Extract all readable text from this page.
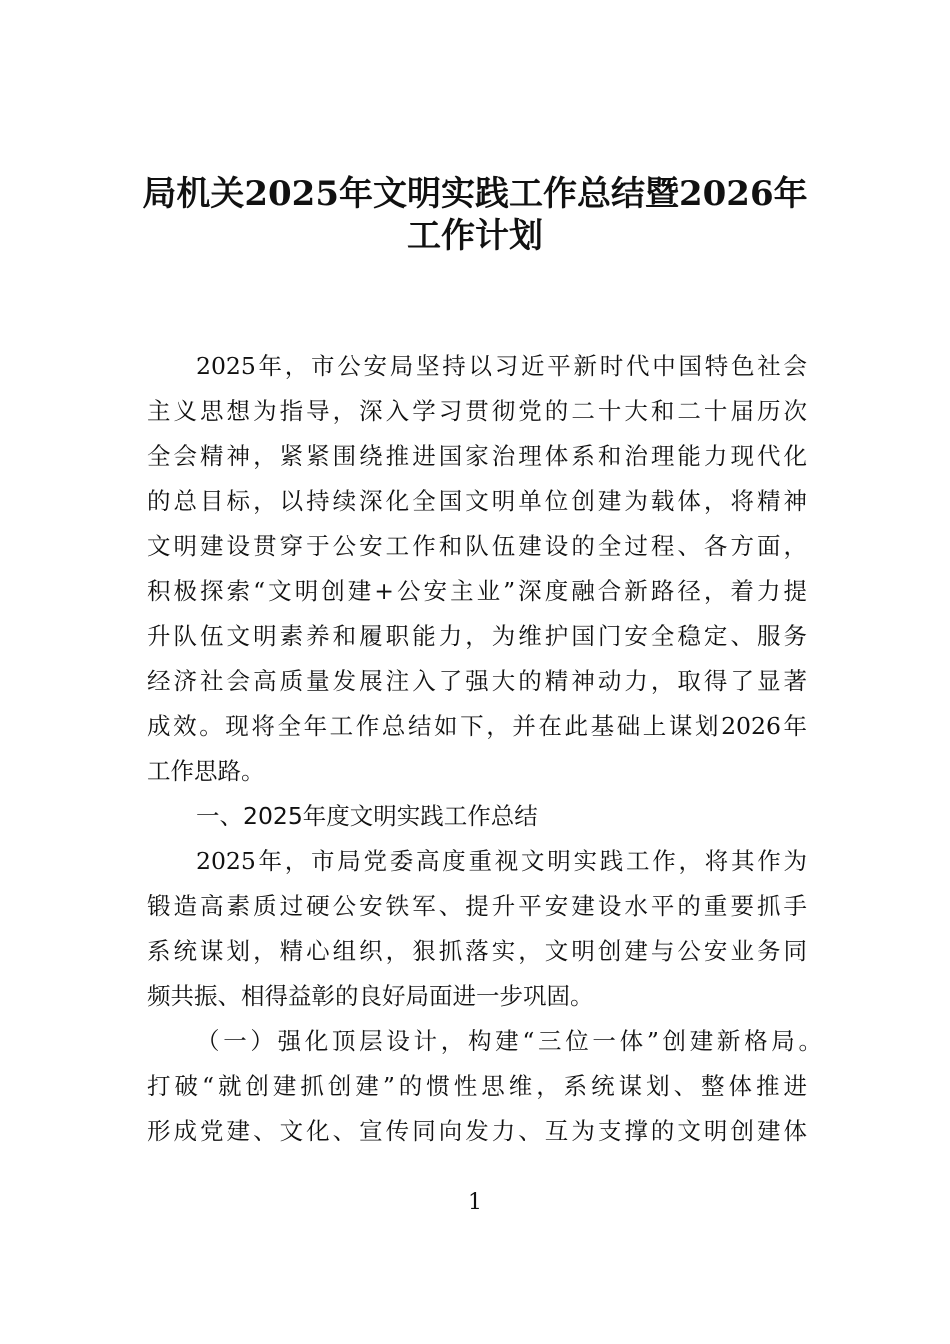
局机关2025年文明实践工作总结暨2026年
工作计划
2025年，市公安局坚持以习近平新时代中国特色社会
主义思想为指导，深入学习贯彻党的二十大和二十届历次
全会精神，紧紧围绕推进国家治理体系和治理能力现代化
的总目标，以持续深化全国文明单位创建为载体，将精神
文明建设贯穿于公安工作和队伍建设的全过程、各方面，
积极探索“文明创建+公安主业”深度融合新路径，着力提
升队伍文明素养和履职能力，为维护国门安全稳定、服务
经济社会高质量发展注入了强大的精神动力，取得了显著
成效。现将全年工作总结如下，并在此基础上谋划2026年
工作思路。
一、2025年度文明实践工作总结
2025年，市局党委高度重视文明实践工作，将其作为
锻造高素质过硬公安铁军、提升平安建设水平的重要抓手
系统谋划，精心组织，狠抓落实，文明创建与公安业务同
频共振、相得益彰的良好局面进一步巩固。
（一）强化顶层设计，构建“三位一体”创建新格局。
打破“就创建抓创建”的惯性思维，系统谋划、整体推进
形成党建、文化、宣传同向发力、互为支撑的文明创建体
1
